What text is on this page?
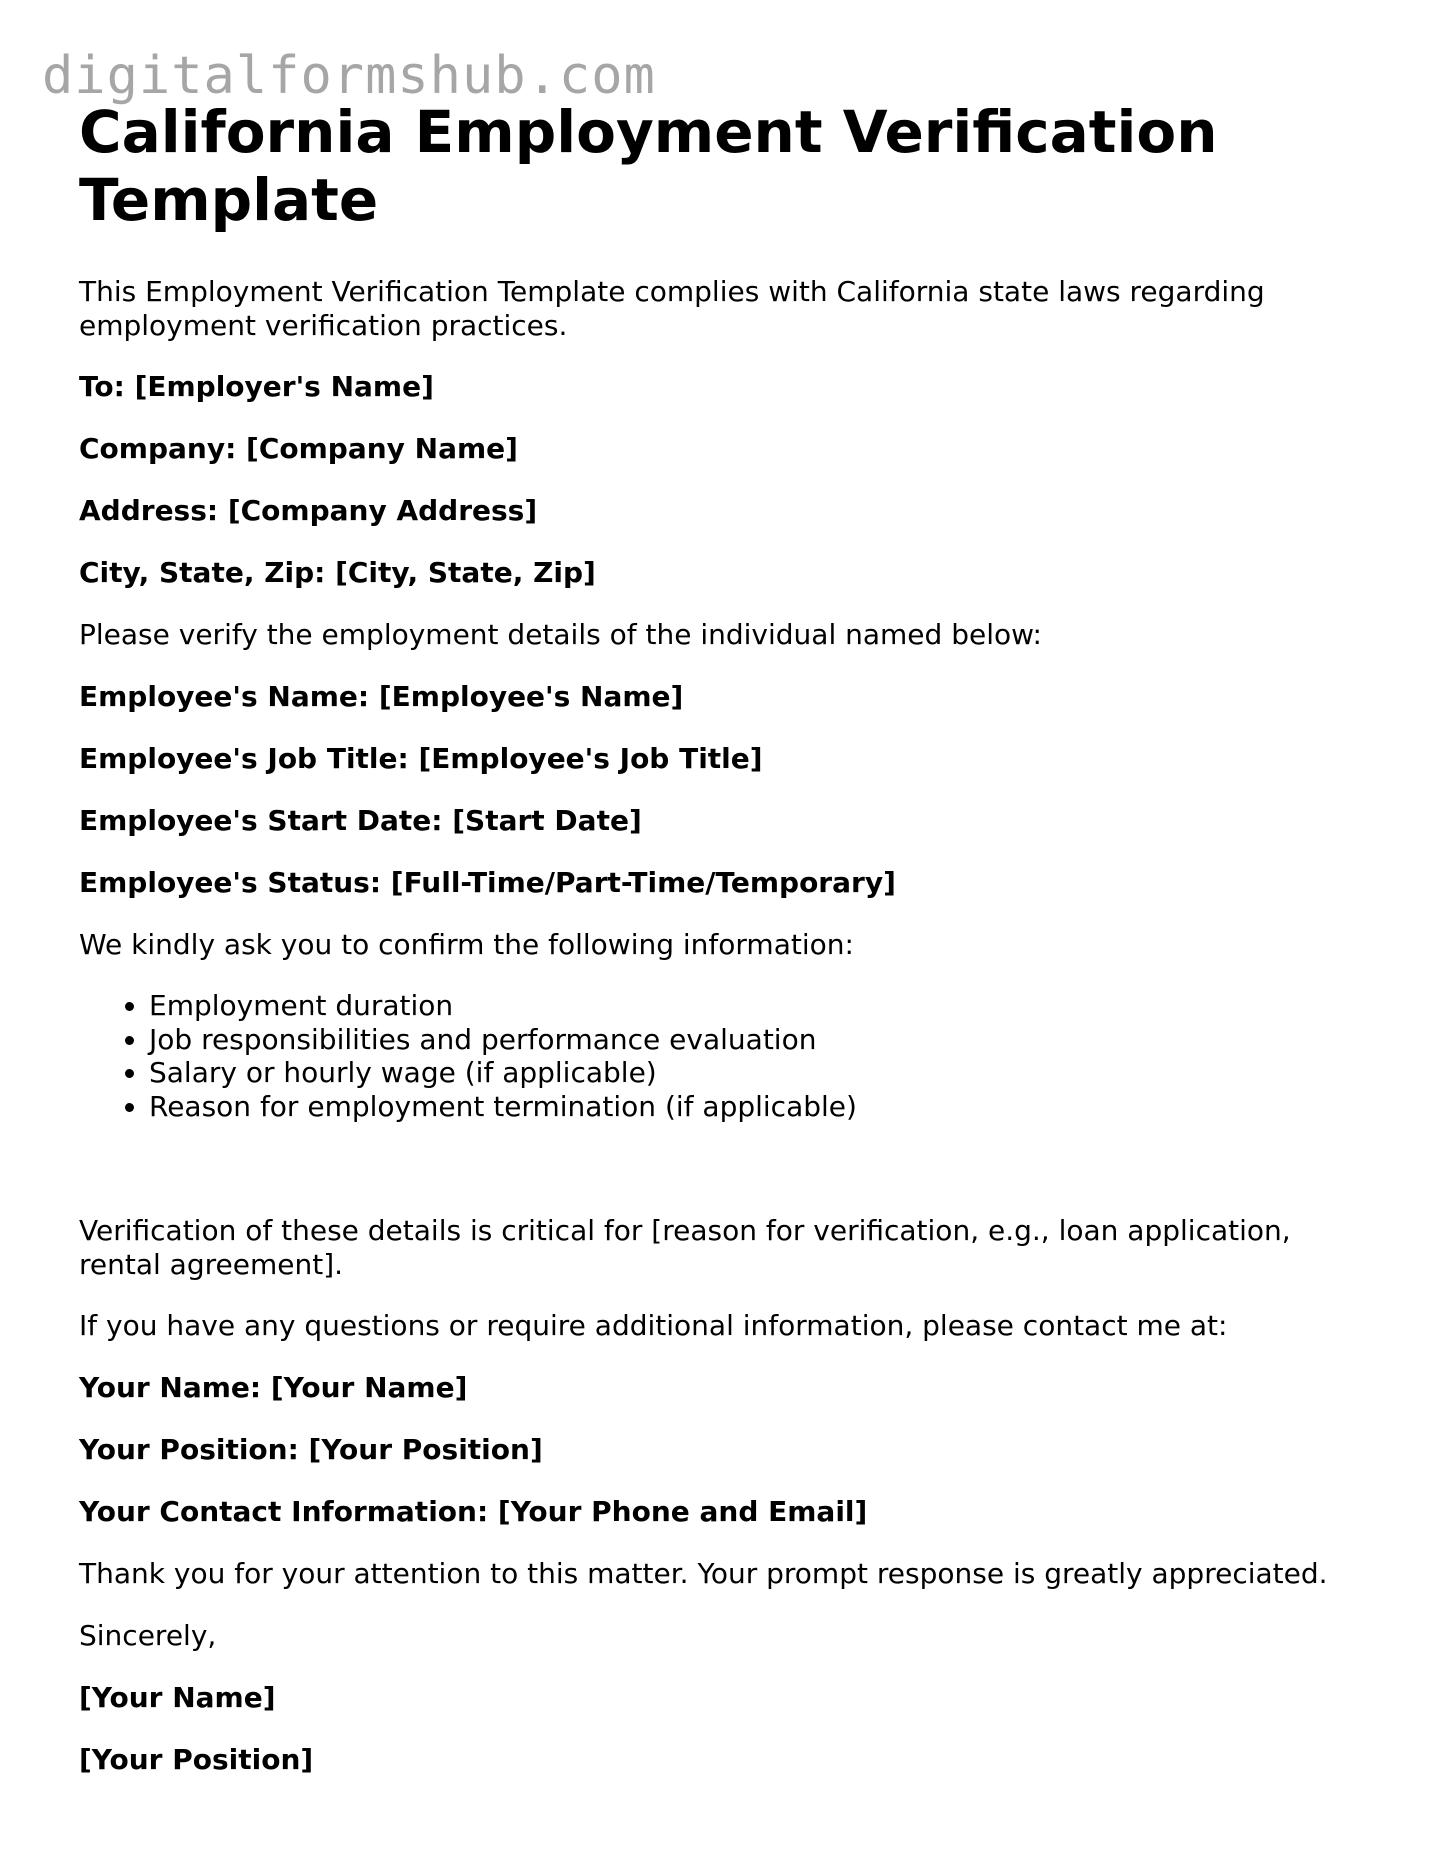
digitalformshub.com
California Employment Verification Template

This Employment Verification Template complies with California state laws regarding employment verification practices.

To: [Employer's Name]

Company: [Company Name]

Address: [Company Address]

City, State, Zip: [City, State, Zip]

Please verify the employment details of the individual named below:

Employee's Name: [Employee's Name]

Employee's Job Title: [Employee's Job Title]

Employee's Start Date: [Start Date]

Employee's Status: [Full-Time/Part-Time/Temporary]

We kindly ask you to confirm the following information:

• Employment duration
• Job responsibilities and performance evaluation
• Salary or hourly wage (if applicable)
• Reason for employment termination (if applicable)

Verification of these details is critical for [reason for verification, e.g., loan application, rental agreement].

If you have any questions or require additional information, please contact me at:

Your Name: [Your Name]

Your Position: [Your Position]

Your Contact Information: [Your Phone and Email]

Thank you for your attention to this matter. Your prompt response is greatly appreciated.

Sincerely,

[Your Name]

[Your Position]
